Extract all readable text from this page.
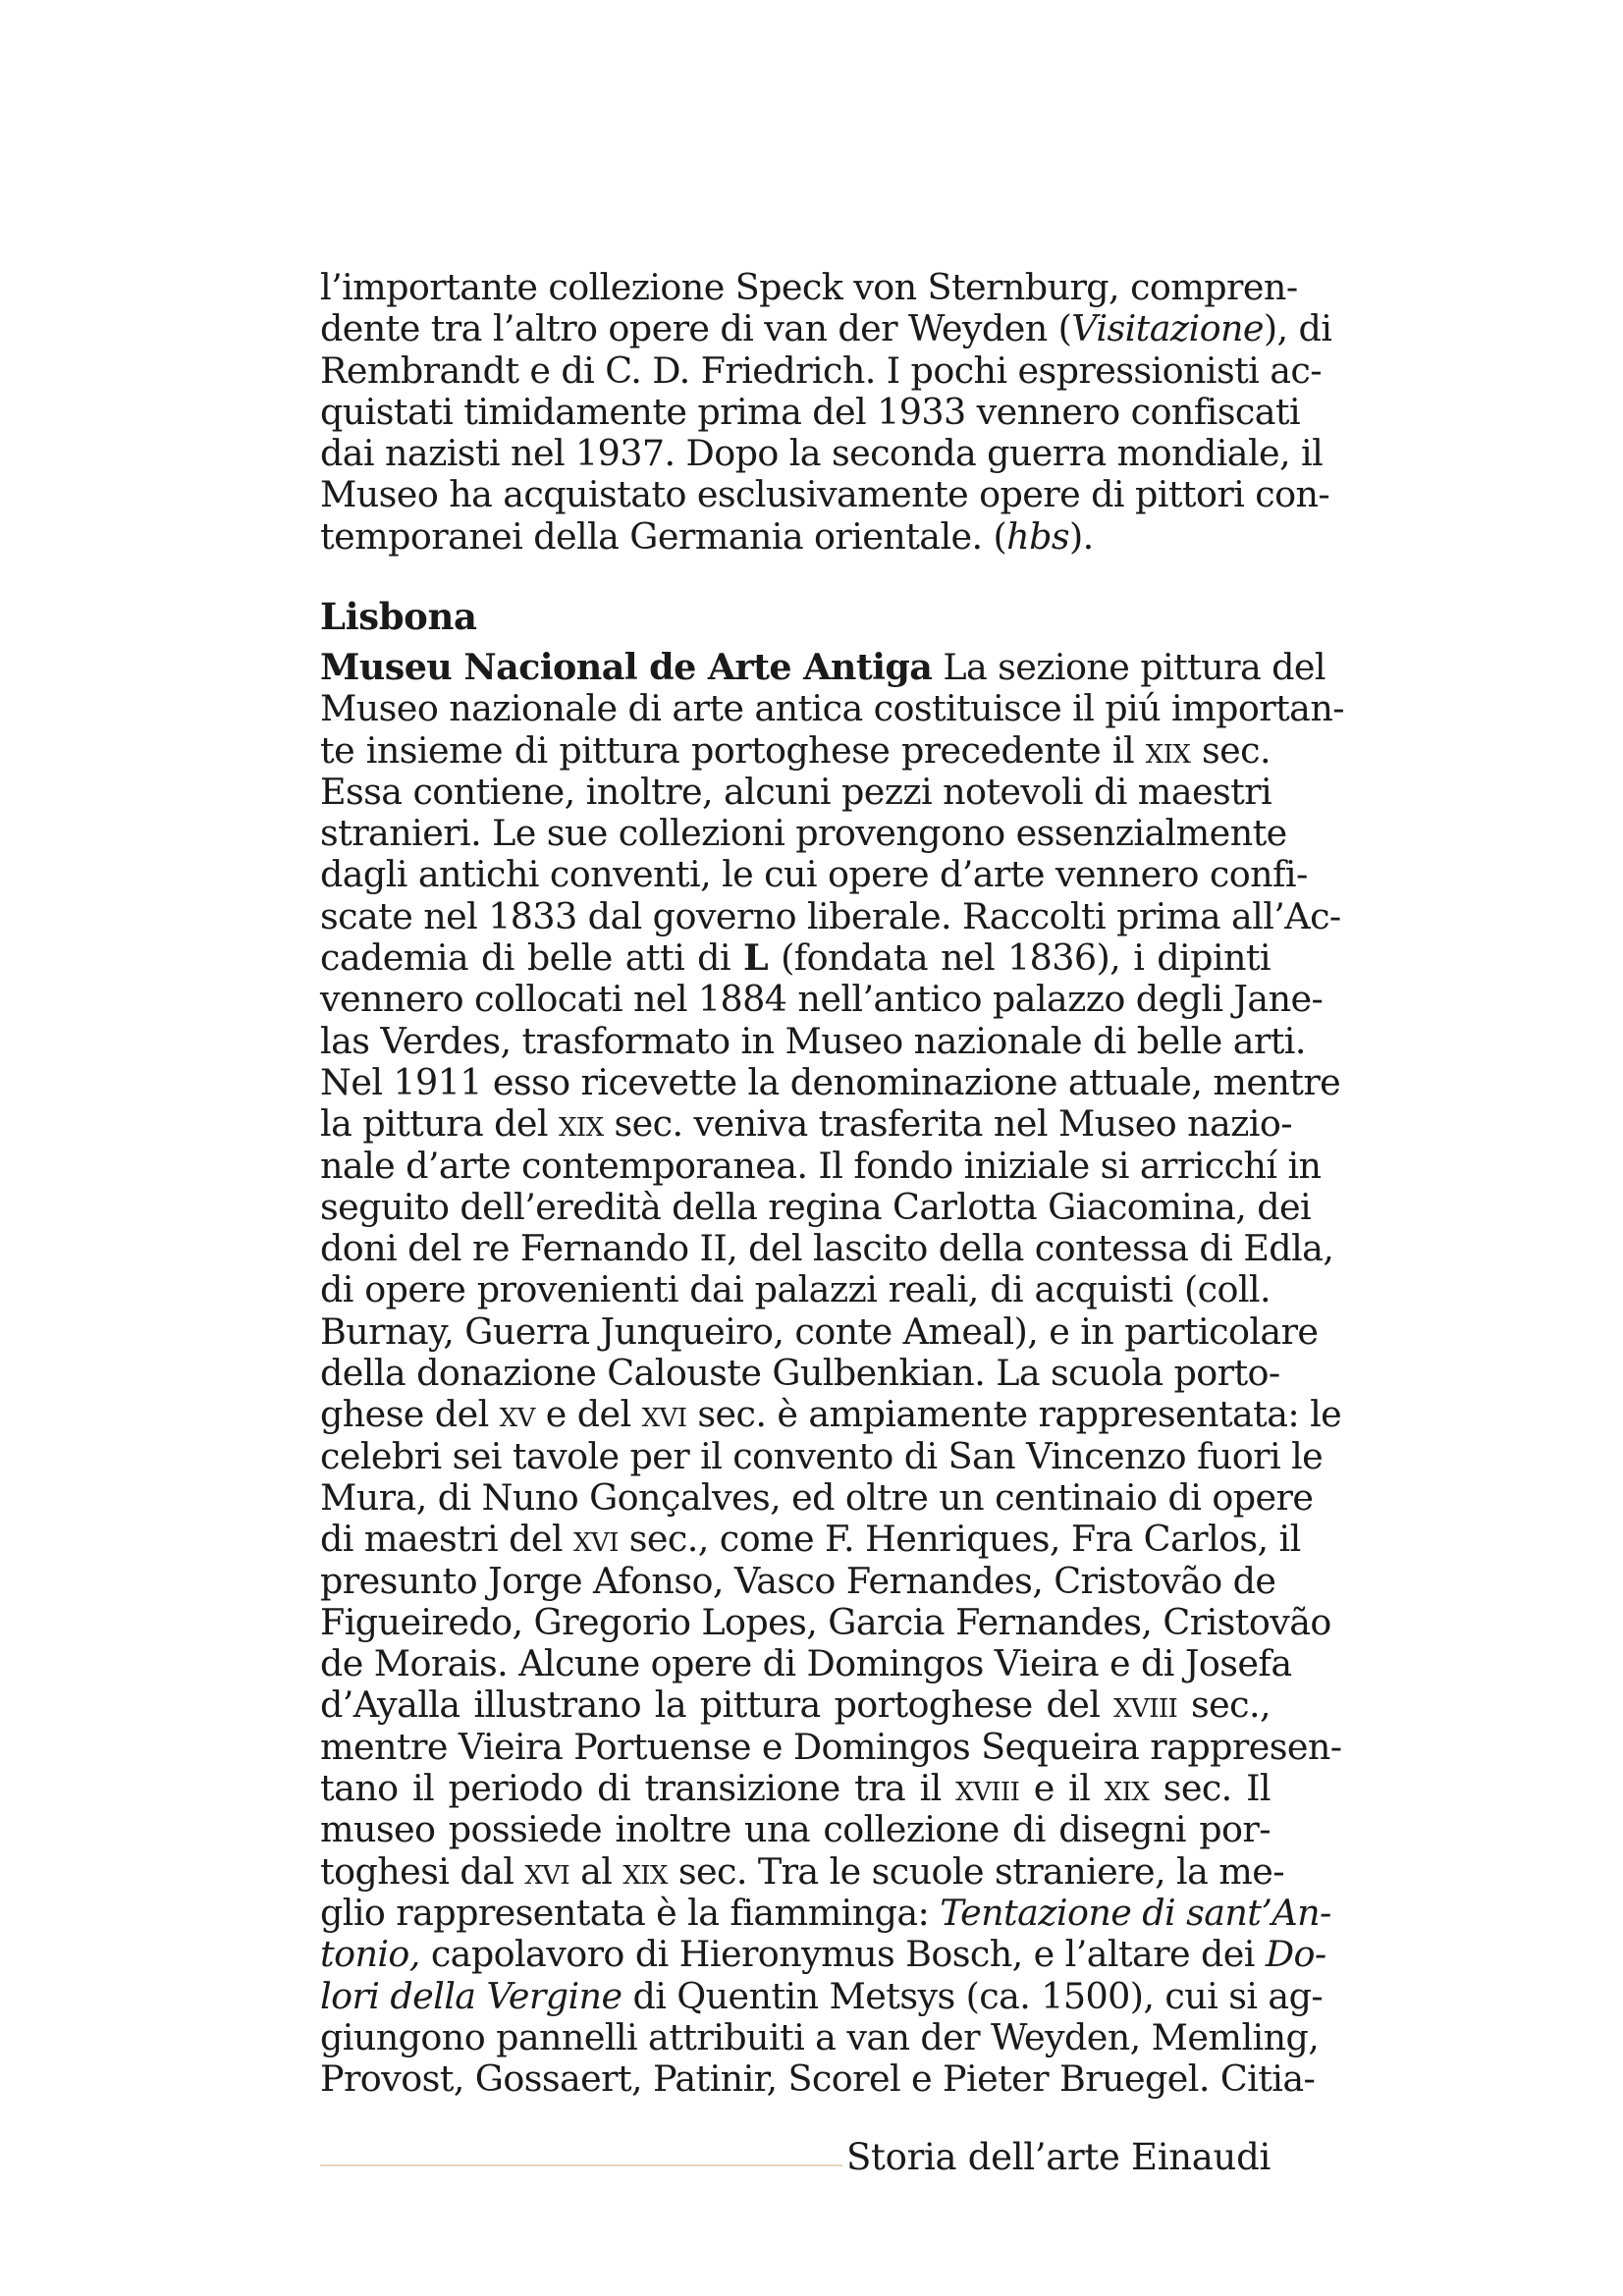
l’importante collezione Speck von Sternburg, compren-
dente tra l’altro opere di van der Weyden (Visitazione), di
Rembrandt e di C. D. Friedrich. I pochi espressionisti ac-
quistati timidamente prima del 1933 vennero confiscati
dai nazisti nel 1937. Dopo la seconda guerra mondiale, il
Museo ha acquistato esclusivamente opere di pittori con-
temporanei della Germania orientale. (hbs).
Lisbona
Museu Nacional de Arte Antiga La sezione pittura del
Museo nazionale di arte antica costituisce il piú importan-
te insieme di pittura portoghese precedente il xix sec.
Essa contiene, inoltre, alcuni pezzi notevoli di maestri
stranieri. Le sue collezioni provengono essenzialmente
dagli antichi conventi, le cui opere d’arte vennero confi-
scate nel 1833 dal governo liberale. Raccolti prima all’Ac-
cademia di belle atti di L (fondata nel 1836), i dipinti
vennero collocati nel 1884 nell’antico palazzo degli Jane-
las Verdes, trasformato in Museo nazionale di belle arti.
Nel 1911 esso ricevette la denominazione attuale, mentre
la pittura del xix sec. veniva trasferita nel Museo nazio-
nale d’arte contemporanea. Il fondo iniziale si arricchí in
seguito dell’eredità della regina Carlotta Giacomina, dei
doni del re Fernando II, del lascito della contessa di Edla,
di opere provenienti dai palazzi reali, di acquisti (coll.
Burnay, Guerra Junqueiro, conte Ameal), e in particolare
della donazione Calouste Gulbenkian. La scuola porto-
ghese del xv e del xvi sec. è ampiamente rappresentata: le
celebri sei tavole per il convento di San Vincenzo fuori le
Mura, di Nuno Gonçalves, ed oltre un centinaio di opere
di maestri del xvi sec., come F. Henriques, Fra Carlos, il
presunto Jorge Afonso, Vasco Fernandes, Cristovão de
Figueiredo, Gregorio Lopes, Garcia Fernandes, Cristovão
de Morais. Alcune opere di Domingos Vieira e di Josefa
d’Ayalla illustrano la pittura portoghese del xviii sec.,
mentre Vieira Portuense e Domingos Sequeira rappresen-
tano il periodo di transizione tra il xviii e il xix sec. Il
museo possiede inoltre una collezione di disegni por-
toghesi dal xvi al xix sec. Tra le scuole straniere, la me-
glio rappresentata è la fiamminga: Tentazione di sant’An-
tonio, capolavoro di Hieronymus Bosch, e l’altare dei Do-
lori della Vergine di Quentin Metsys (ca. 1500), cui si ag-
giungono pannelli attribuiti a van der Weyden, Memling,
Provost, Gossaert, Patinir, Scorel e Pieter Bruegel. Citia-
Storia dell’arte Einaudi
